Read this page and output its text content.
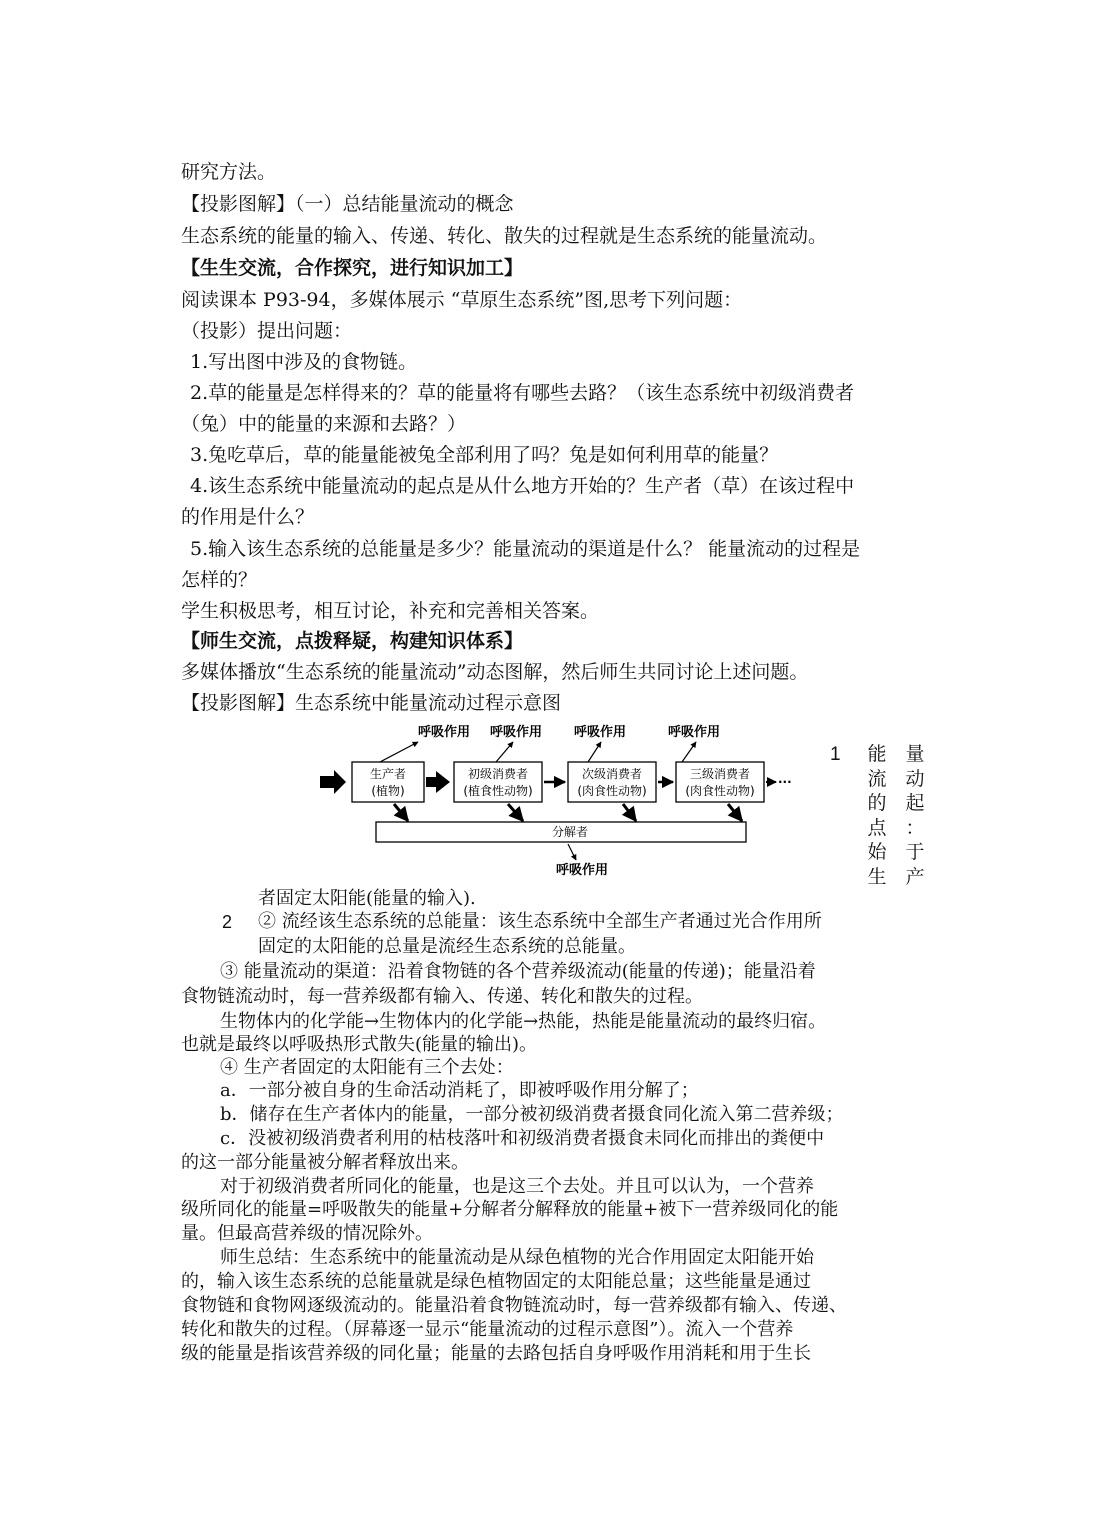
研究方法。
【投影图解】（一）总结能量流动的概念
生态系统的能量的输入、传递、转化、散失的过程就是生态系统的能量流动。
【生生交流，合作探究，进行知识加工】
阅读课本 P93-94，多媒体展示 “草原生态系统”图,思考下列问题：
（投影）提出问题：
1.写出图中涉及的食物链。
2.草的能量是怎样得来的？草的能量将有哪些去路？（该生态系统中初级消费者
（兔）中的能量的来源和去路？）
3.兔吃草后，草的能量能被兔全部利用了吗？兔是如何利用草的能量？
4.该生态系统中能量流动的起点是从什么地方开始的？生产者（草）在该过程中
的作用是什么？
5.输入该生态系统的总能量是多少？能量流动的渠道是什么？ 能量流动的过程是
怎样的？
学生积极思考，相互讨论，补充和完善相关答案。
【师生交流，点拨释疑，构建知识体系】
多媒体播放“生态系统的能量流动”动态图解，然后师生共同讨论上述问题。
【投影图解】生态系统中能量流动过程示意图
呼吸作用 呼吸作用 呼吸作用	呼吸作用
生产者
(植物)
初级消费者
(植食性动物)
次级消费者
(肉食性动物)
三级消费者
(肉食性动物)
···
分解者
呼吸作用
1 能
流
的
点
始
生
量
动
起
：
于
产
者固定太阳能(能量的输入).
2 ② 流经该生态系统的总能量：该生态系统中全部生产者通过光合作用所
固定的太阳能的总量是流经生态系统的总能量。
③ 能量流动的渠道：沿着食物链的各个营养级流动(能量的传递)；能量沿着
食物链流动时，每一营养级都有输入、传递、转化和散失的过程。
生物体内的化学能→生物体内的化学能→热能，热能是能量流动的最终归宿。
也就是最终以呼吸热形式散失(能量的输出)。
④ 生产者固定的太阳能有三个去处：
a．一部分被自身的生命活动消耗了，即被呼吸作用分解了；
b．储存在生产者体内的能量，一部分被初级消费者摄食同化流入第二营养级；
c．没被初级消费者利用的枯枝落叶和初级消费者摄食未同化而排出的粪便中
的这一部分能量被分解者释放出来。
对于初级消费者所同化的能量，也是这三个去处。并且可以认为，一个营养
级所同化的能量=呼吸散失的能量+分解者分解释放的能量+被下一营养级同化的能
量。但最高营养级的情况除外。
师生总结：生态系统中的能量流动是从绿色植物的光合作用固定太阳能开始
的，输入该生态系统的总能量就是绿色植物固定的太阳能总量；这些能量是通过
食物链和食物网逐级流动的。能量沿着食物链流动时，每一营养级都有输入、传递、
转化和散失的过程。（屏幕逐一显示“能量流动的过程示意图”）。流入一个营养
级的能量是指该营养级的同化量；能量的去路包括自身呼吸作用消耗和用于生长
